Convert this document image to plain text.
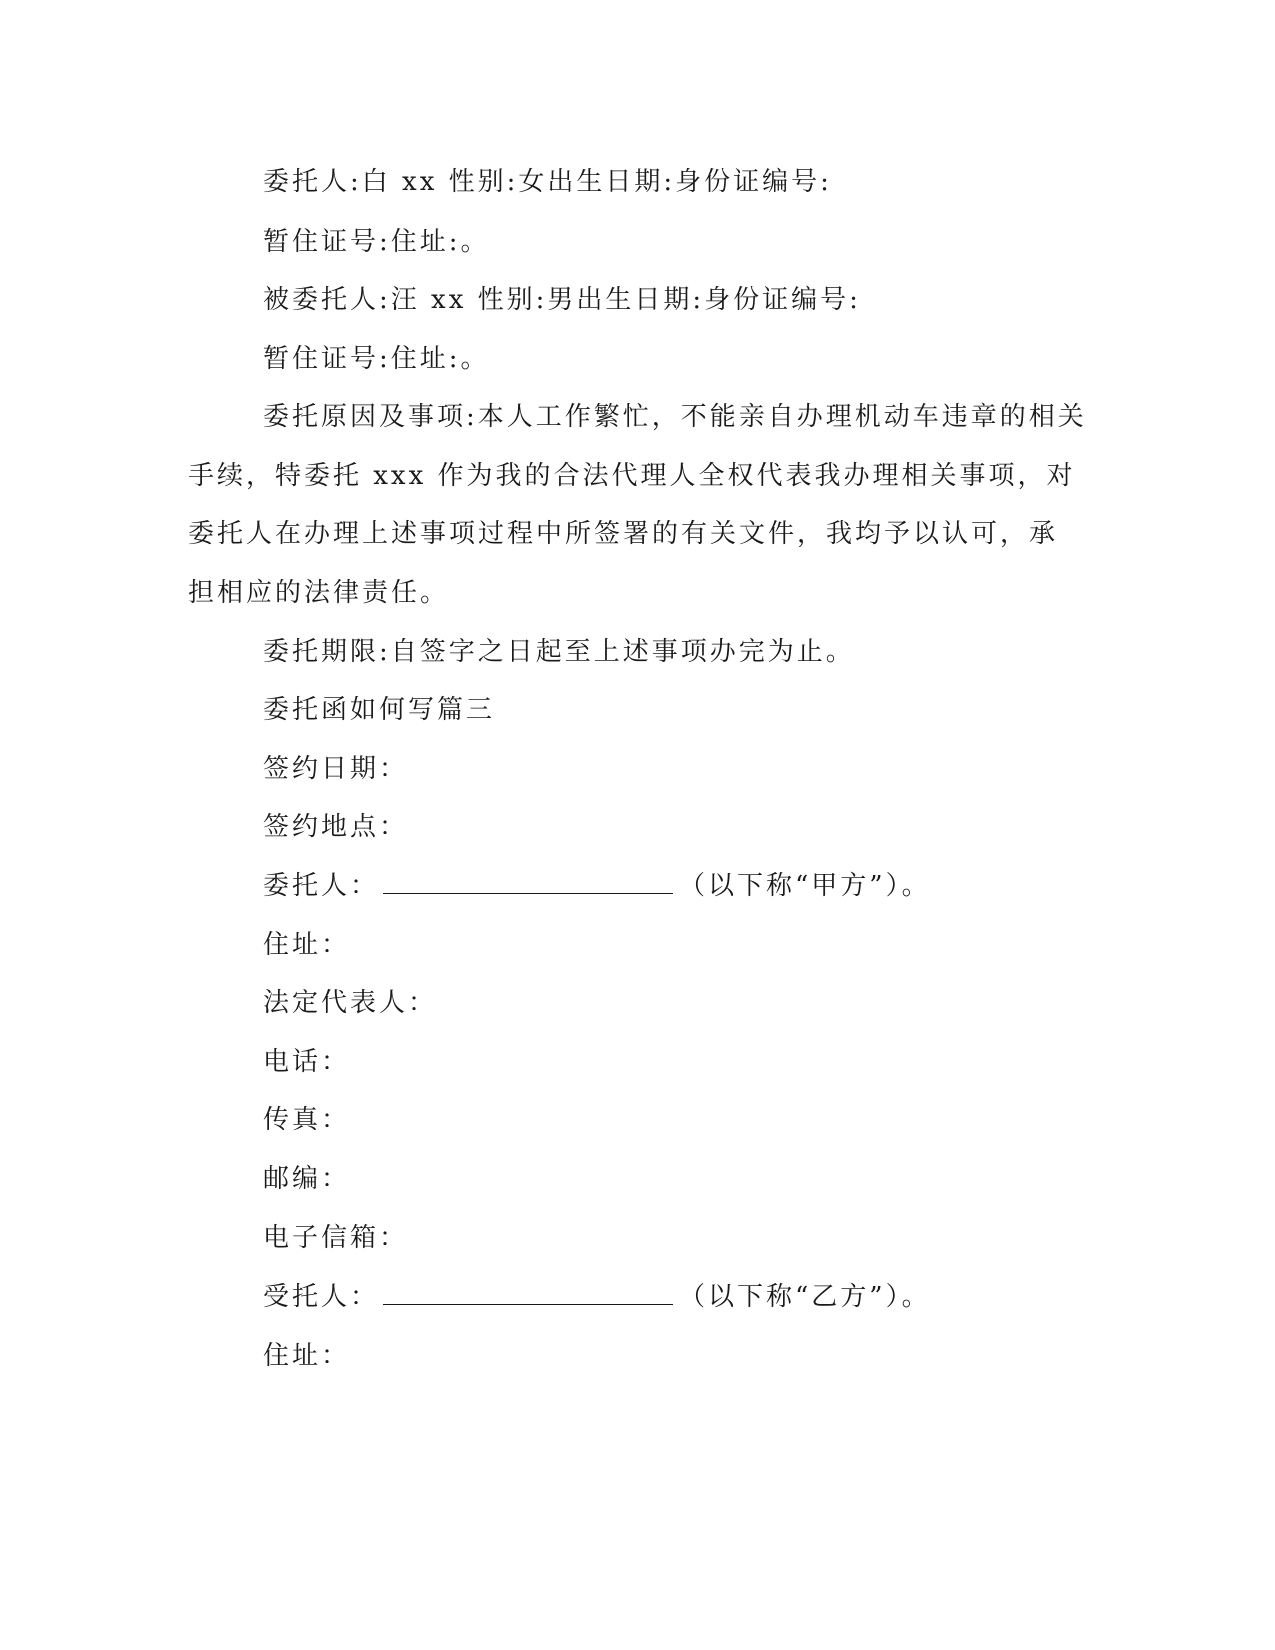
委托人:白 xx 性别:女出生日期:身份证编号:
暂住证号:住址:。
被委托人:汪 xx 性别:男出生日期:身份证编号:
暂住证号:住址:。
委托原因及事项:本人工作繁忙，不能亲自办理机动车违章的相关
手续，特委托 xxx 作为我的合法代理人全权代表我办理相关事项，对
委托人在办理上述事项过程中所签署的有关文件，我均予以认可，承
担相应的法律责任。
委托期限:自签字之日起至上述事项办完为止。
委托函如何写篇三
签约日期：
签约地点：
委托人：	（以下称“甲方”）。
住址：
法定代表人：
电话：
传真：
邮编：
电子信箱：
受托人：	（以下称“乙方”）。
住址：
